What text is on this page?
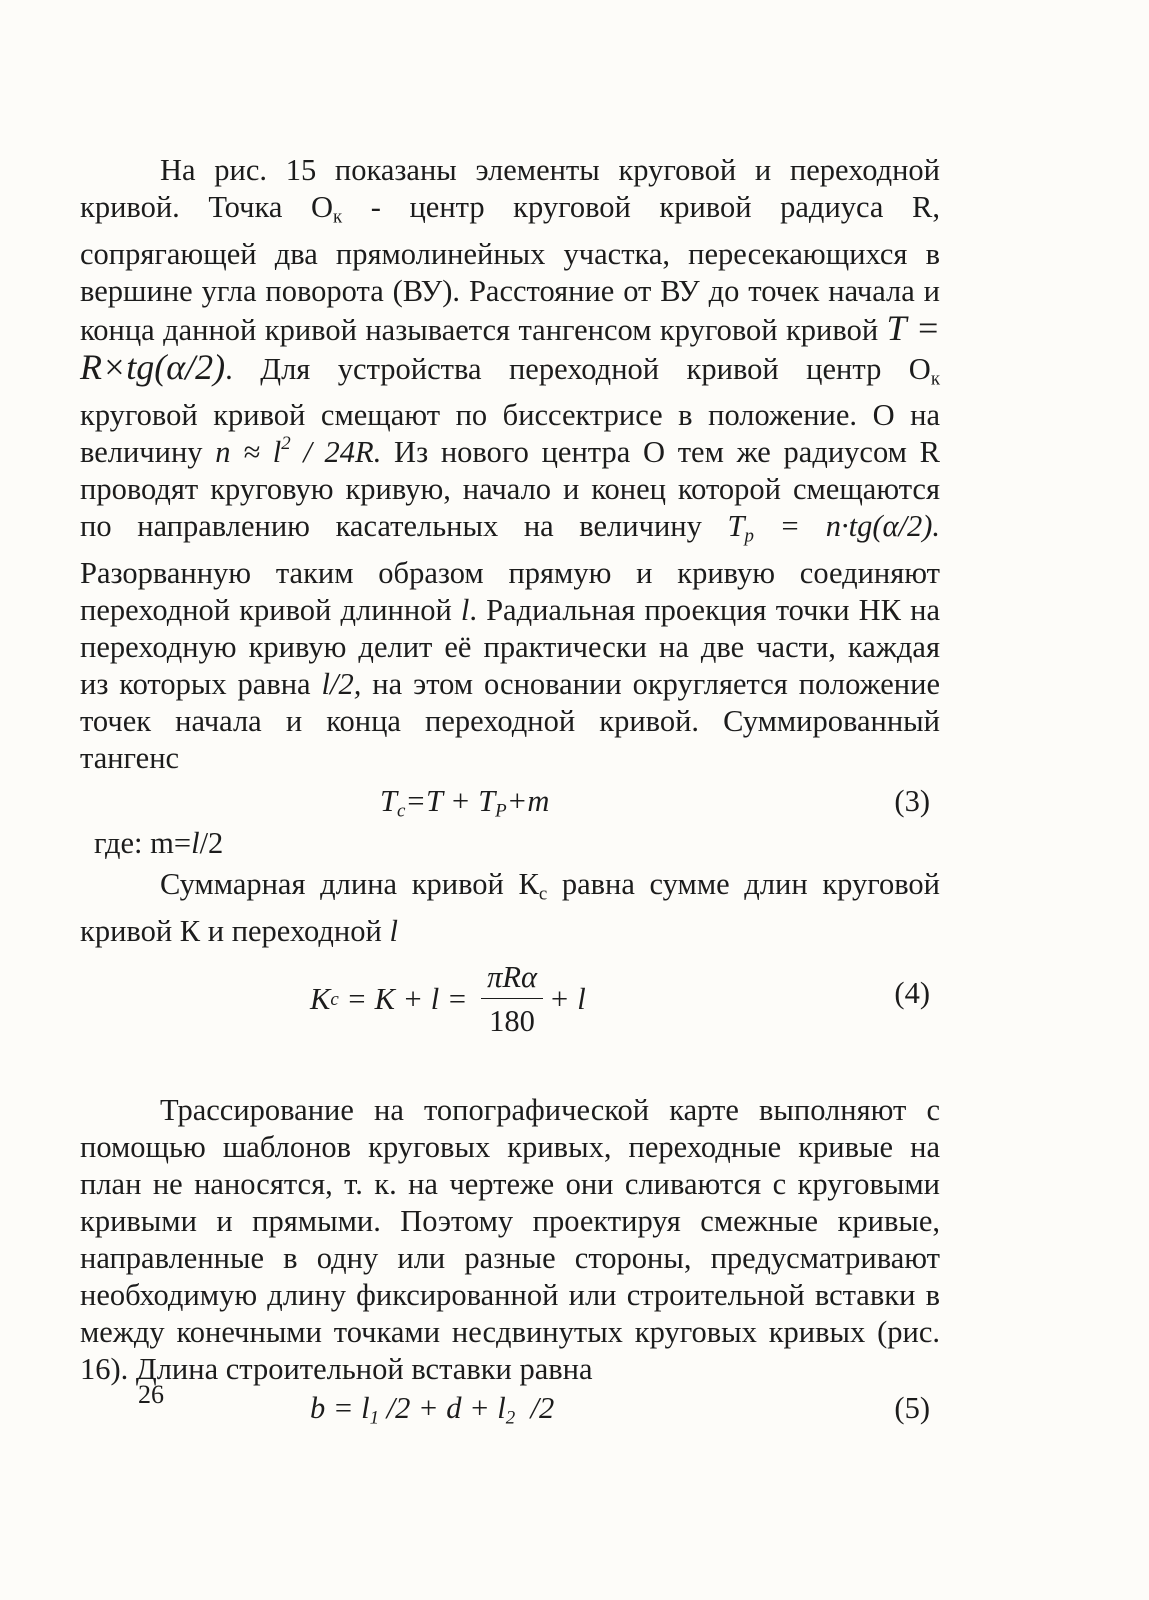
На рис. 15 показаны элементы круговой и переходной кривой. Точка $О_к$ - центр круговой кривой радиуса R, сопрягающей два прямолинейных участка, пересекающихся в вершине угла поворота (ВУ). Расстояние от ВУ до точек начала и конца данной кривой называется тангенсом круговой кривой T = R×tg(α/2). Для устройства переходной кривой центр $О_к$ круговой кривой смещают по биссектрисе в положение. О на величину $n \approx l^2 / 24R$. Из нового центра О тем же радиусом R проводят круговую кривую, начало и конец которой смещаются по направлению касательных на величину $T_p = n\cdot tg(\alpha/2)$. Разорванную таким образом прямую и кривую соединяют переходной кривой длинной l. Радиальная проекция точки НК на переходную кривую делит её практически на две части, каждая из которых равна l/2, на этом основании округляется положение точек начала и конца переходной кривой. Суммированный тангенс

$T_c=T + T_P+m$	(3)

где: m=l/2

Суммарная длина кривой $К_с$ равна сумме длин круговой кривой К и переходной l

K $c = K + l = \frac{\text{πRα}}{180} + l$	(4)

Трассирование на топографической карте выполняют с помощью шаблонов круговых кривых, переходные кривые на план не наносятся, т. к. на чертеже они сливаются с круговыми кривыми и прямыми. Поэтому проектируя смежные кривые, направленные в одну или разные стороны, предусматривают необходимую длину фиксированной или строительной вставки в между конечными точками несдвинутых круговых кривых (рис. 16). Длина строительной вставки равна

$b = l_1$ $/2 + d + l_2$  /2	(5)
26
